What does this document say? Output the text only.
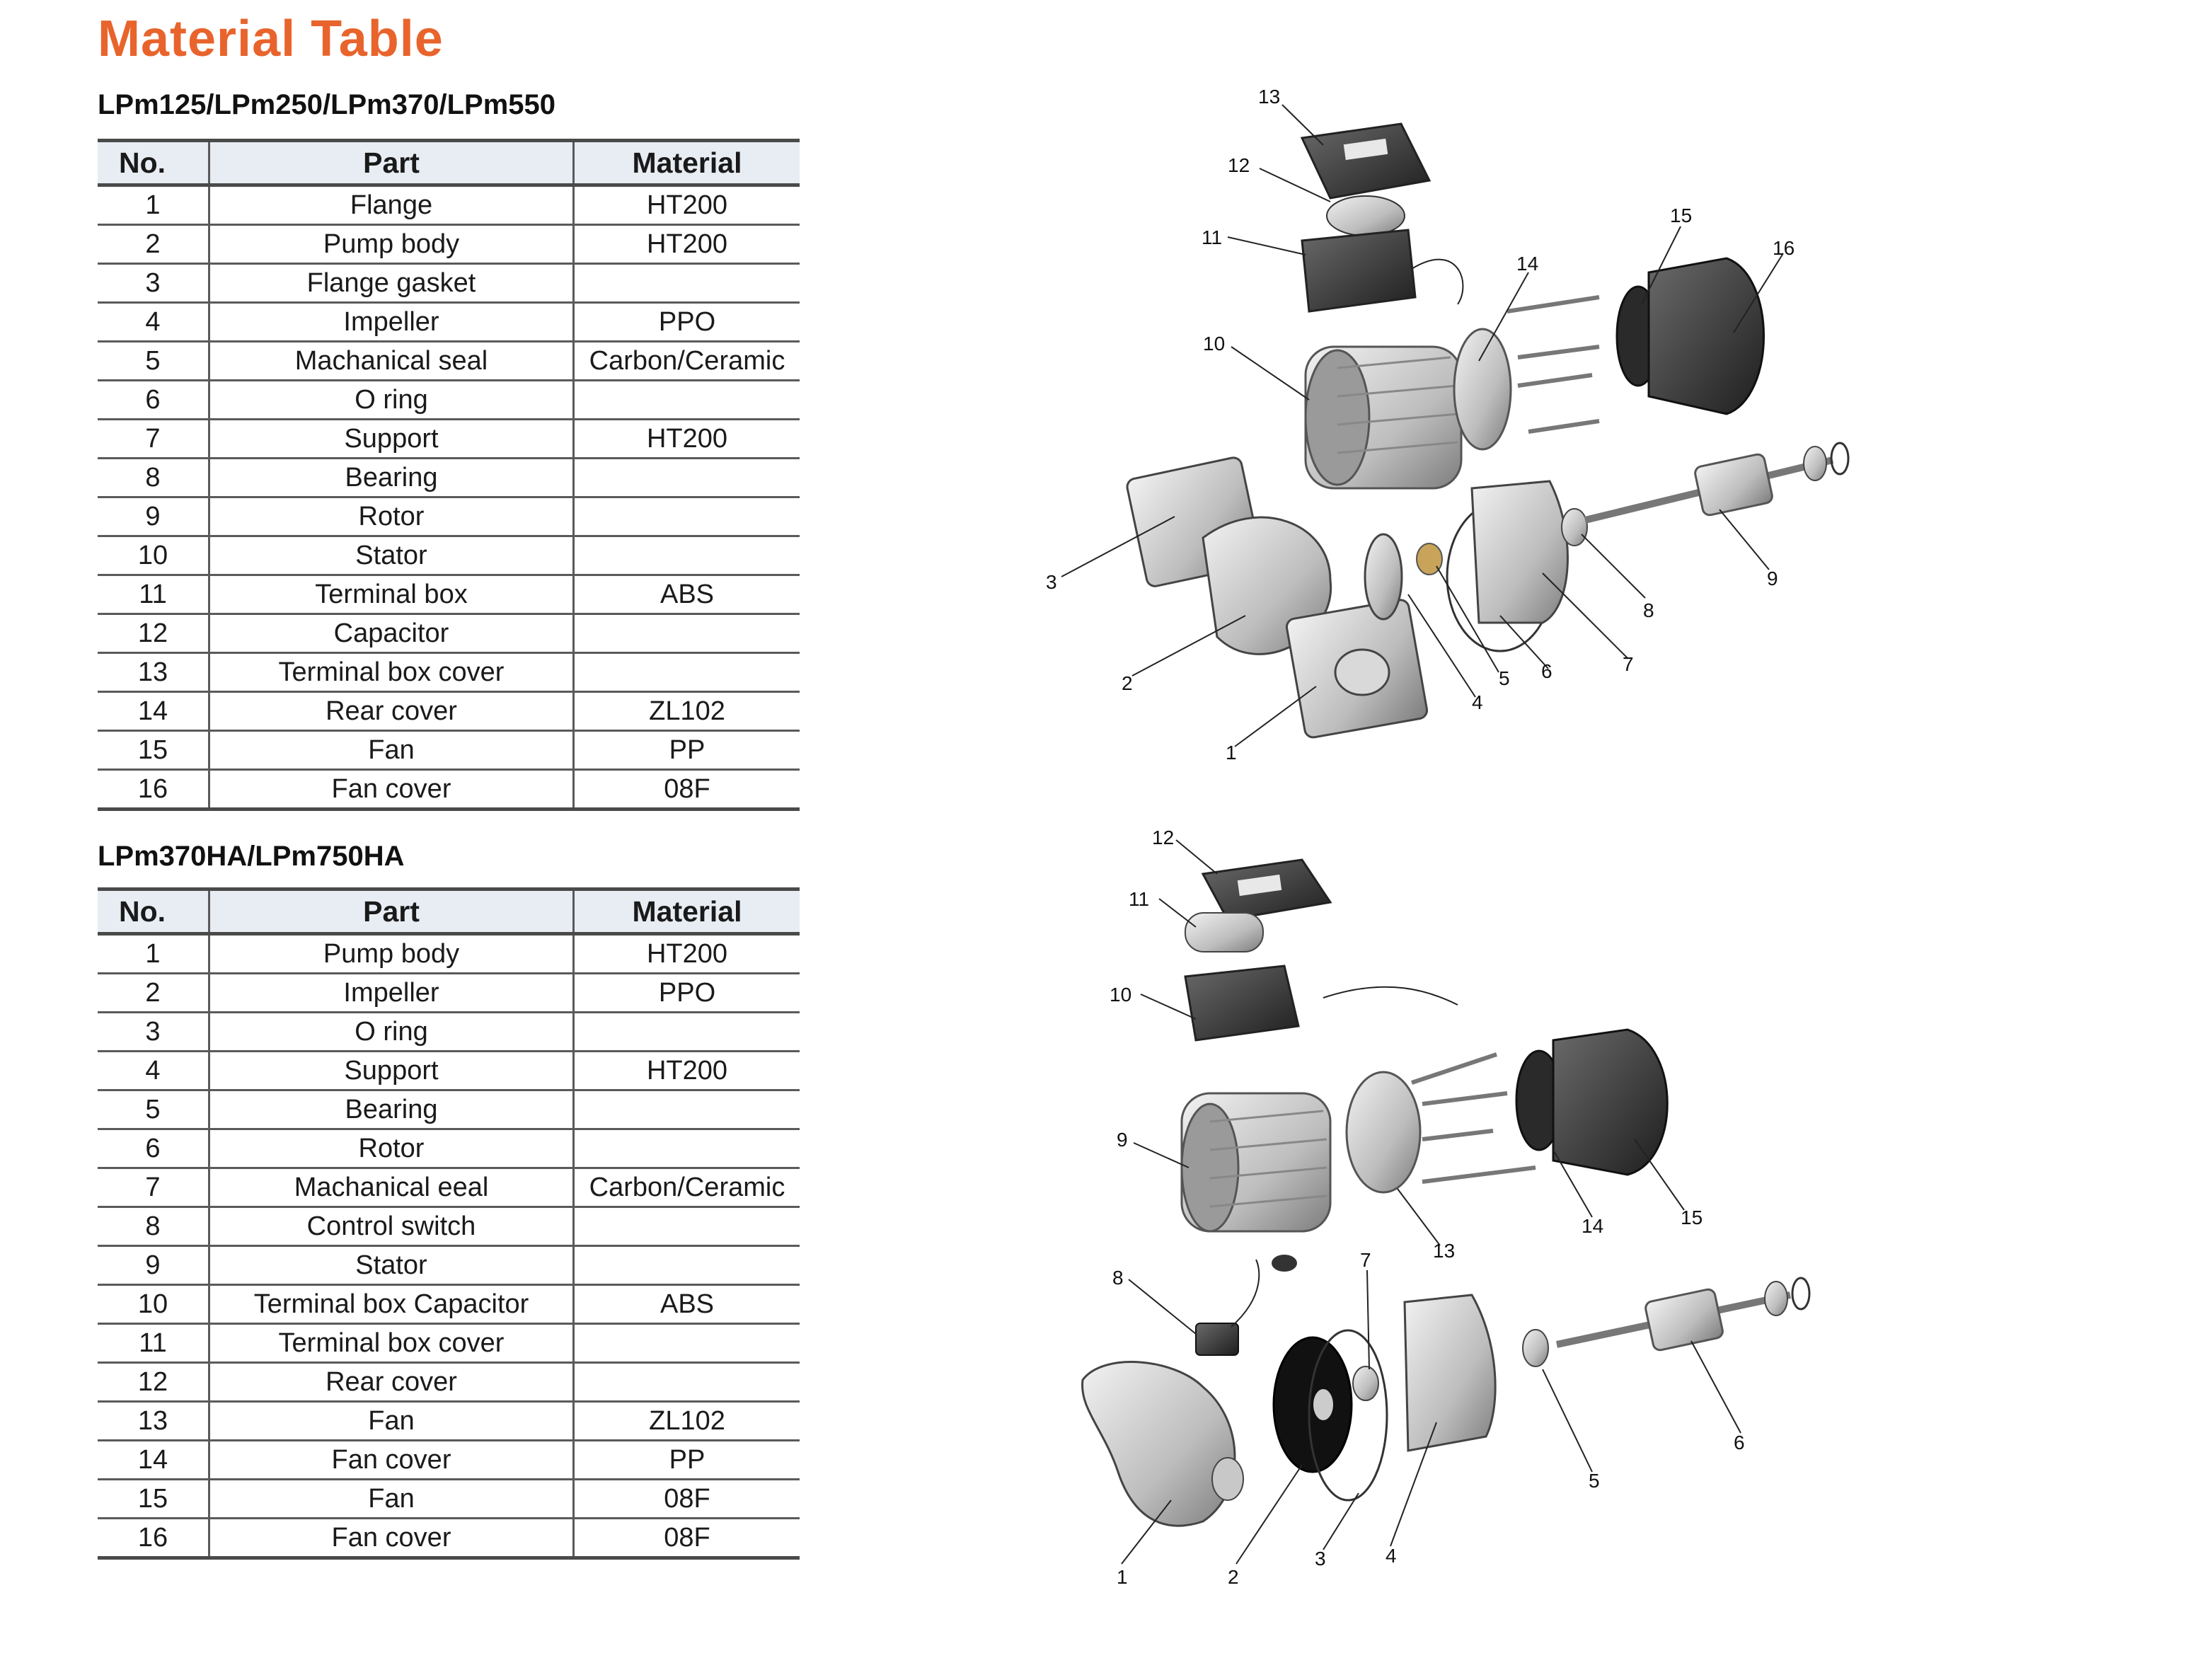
Material Table
LPm125/LPm250/LPm370/LPm550
No.	Part	Material
1	Flange	HT200
2	Pump body	HT200
3	Flange gasket	
4	Impeller	PPO
5	Machanical seal	Carbon/Ceramic
6	O ring	
7	Support	HT200
8	Bearing	
9	Rotor	
10	Stator	
11	Terminal box	ABS
12	Capacitor	
13	Terminal box cover	
14	Rear cover	ZL102
15	Fan	PP
16	Fan cover	08F
LPm370HA/LPm750HA
No.	Part	Material
1	Pump body	HT200
2	Impeller	PPO
3	O ring	
4	Support	HT200
5	Bearing	
6	Rotor	
7	Machanical eeal	Carbon/Ceramic
8	Control switch	
9	Stator	
10	Terminal box Capacitor	ABS
11	Terminal box cover	
12	Rear cover	
13	Fan	ZL102
14	Fan cover	PP
15	Fan	08F
16	Fan cover	08F
1
2
3
4
5 6	7
8
9
10
11
12
13
14
15
16
1	2
3	4
5
6
7
8
9
10
11
12
13
14	15
